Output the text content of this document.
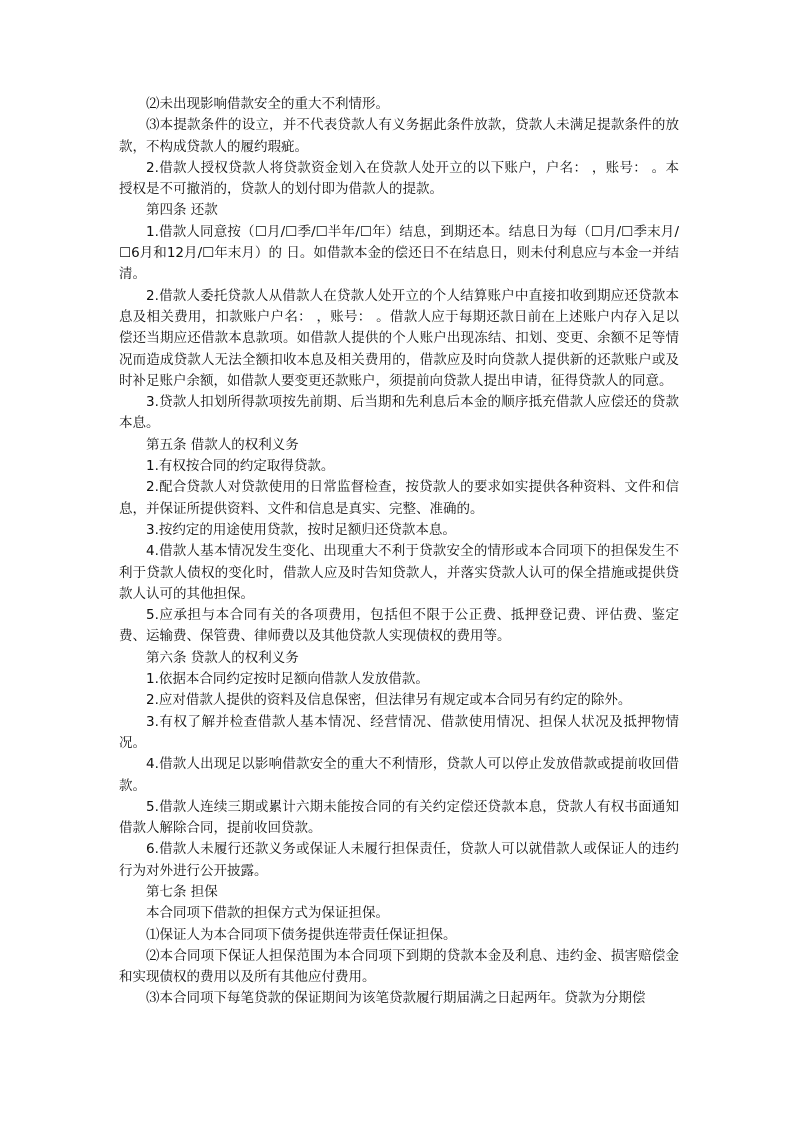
⑵未出现影响借款安全的重大不利情形。

⑶本提款条件的设立，并不代表贷款人有义务据此条件放款，贷款人未满足提款条件的放款，不构成贷款人的履约瑕疵。

2.借款人授权贷款人将贷款资金划入在贷款人处开立的以下账户，户名： ，账号： 。本授权是不可撤消的，贷款人的划付即为借款人的提款。

第四条 还款

1.借款人同意按（☐月/☐季/☐半年/☐年）结息，到期还本。结息日为每（☐月/☐季末月/☐6月和12月/☐年末月）的 日。如借款本金的偿还日不在结息日，则未付利息应与本金一并结清。

2.借款人委托贷款人从借款人在贷款人处开立的个人结算账户中直接扣收到期应还贷款本息及相关费用，扣款账户户名： ，账号： 。借款人应于每期还款日前在上述账户内存入足以偿还当期应还借款本息款项。如借款人提供的个人账户出现冻结、扣划、变更、余额不足等情况而造成贷款人无法全额扣收本息及相关费用的，借款应及时向贷款人提供新的还款账户或及时补足账户余额，如借款人要变更还款账户，须提前向贷款人提出申请，征得贷款人的同意。

3.贷款人扣划所得款项按先前期、后当期和先利息后本金的顺序抵充借款人应偿还的贷款本息。

第五条 借款人的权利义务

1.有权按合同的约定取得贷款。

2.配合贷款人对贷款使用的日常监督检查，按贷款人的要求如实提供各种资料、文件和信息，并保证所提供资料、文件和信息是真实、完整、准确的。

3.按约定的用途使用贷款，按时足额归还贷款本息。

4.借款人基本情况发生变化、出现重大不利于贷款安全的情形或本合同项下的担保发生不利于贷款人债权的变化时，借款人应及时告知贷款人，并落实贷款人认可的保全措施或提供贷款人认可的其他担保。

5.应承担与本合同有关的各项费用，包括但不限于公正费、抵押登记费、评估费、鉴定费、运输费、保管费、律师费以及其他贷款人实现债权的费用等。

第六条 贷款人的权利义务

1.依据本合同约定按时足额向借款人发放借款。

2.应对借款人提供的资料及信息保密，但法律另有规定或本合同另有约定的除外。

3.有权了解并检查借款人基本情况、经营情况、借款使用情况、担保人状况及抵押物情况。

4.借款人出现足以影响借款安全的重大不利情形，贷款人可以停止发放借款或提前收回借款。

5.借款人连续三期或累计六期未能按合同的有关约定偿还贷款本息，贷款人有权书面通知借款人解除合同，提前收回贷款。

6.借款人未履行还款义务或保证人未履行担保责任，贷款人可以就借款人或保证人的违约行为对外进行公开披露。

第七条 担保

本合同项下借款的担保方式为保证担保。

⑴保证人为本合同项下债务提供连带责任保证担保。

⑵本合同项下保证人担保范围为本合同项下到期的贷款本金及利息、违约金、损害赔偿金和实现债权的费用以及所有其他应付费用。

⑶本合同项下每笔贷款的保证期间为该笔贷款履行期届满之日起两年。贷款为分期偿
